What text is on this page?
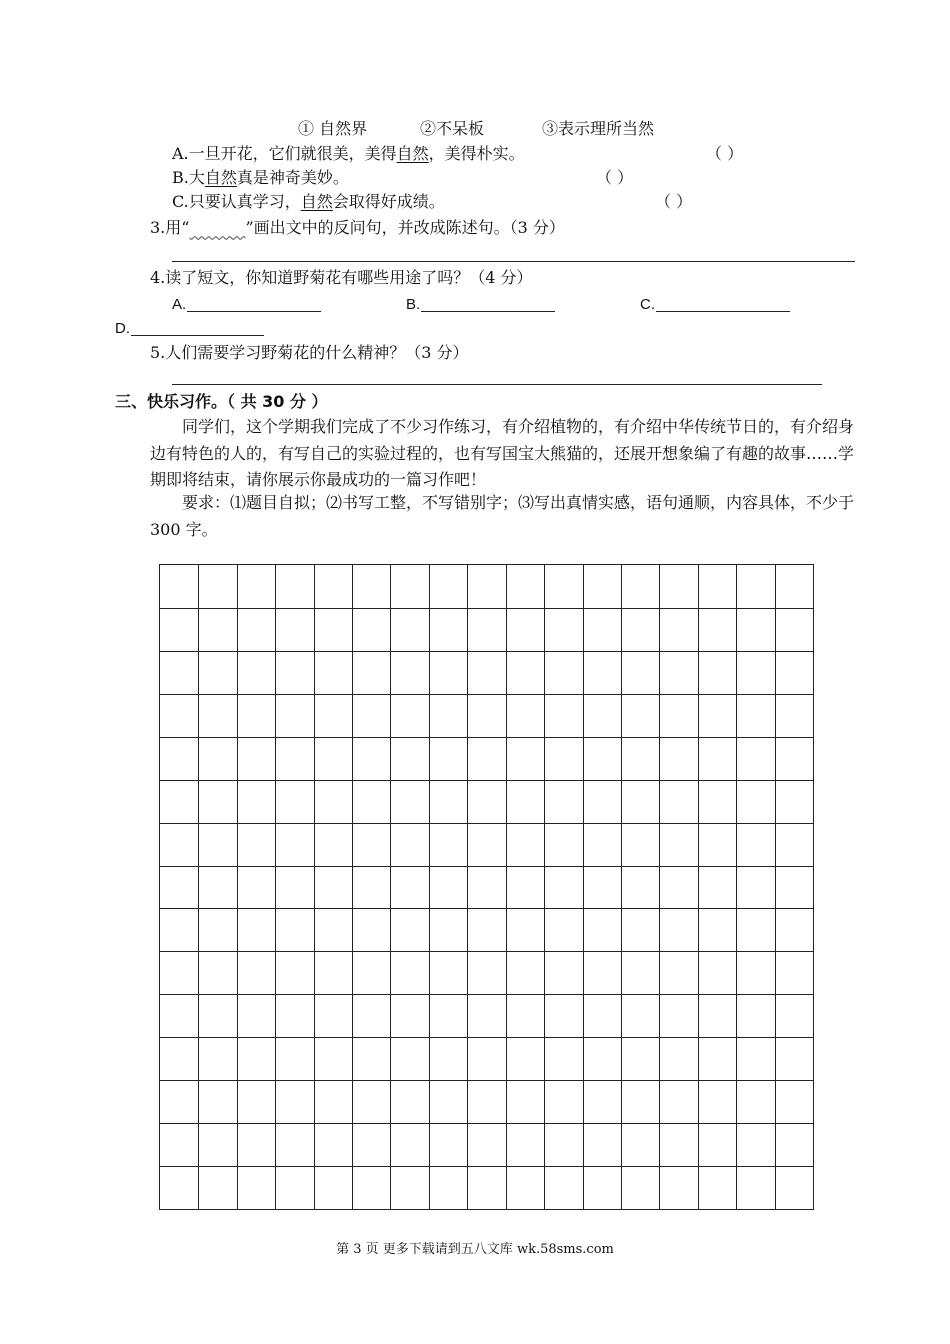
① 自然界	②不呆板	③表示理所当然
A.一旦开花，它们就很美，美得自然，美得朴实。	（ ）
B.大自然真是神奇美妙。	（ ）
C.只要认真学习，自然会取得好成绩。	（ ）
3.用“	”画出文中的反问句，并改成陈述句。（3 分）
4.读了短文，你知道野菊花有哪些用途了吗？（4 分）
A.	B.	C.
D.
5.人们需要学习野菊花的什么精神？（3 分）
三、快乐习作。（ 共 30 分 ）
同学们，这个学期我们完成了不少习作练习，有介绍植物的，有介绍中华传统节日的，有介绍身边有特色的人的，有写自己的实验过程的，也有写国宝大熊猫的，还展开想象编了有趣的故事……学期即将结束，请你展示你最成功的一篇习作吧！
要求：⑴题目自拟；⑵书写工整，不写错别字；⑶写出真情实感，语句通顺，内容具体，不少于 300 字。
第 3 页 更多下载请到五八文库 wk.58sms.com
